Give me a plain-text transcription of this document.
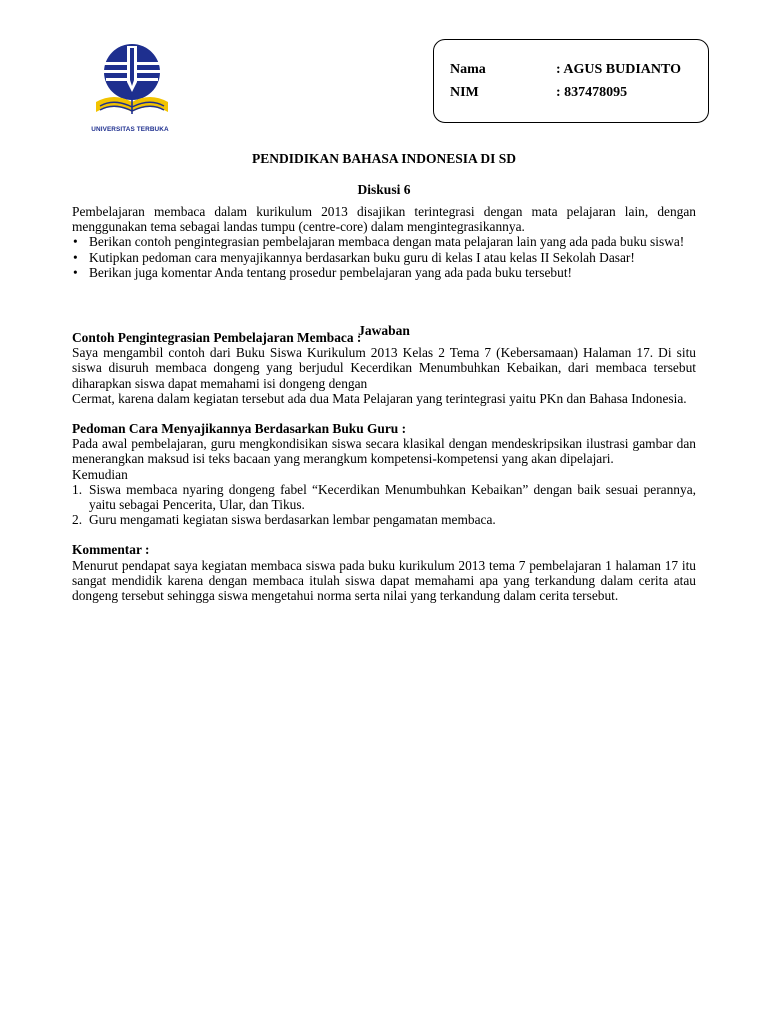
UNIVERSITAS TERBUKA
Nama	: AGUS BUDIANTO
NIM	: 837478095
PENDIDIKAN BAHASA INDONESIA DI SD
Diskusi 6
Jawaban

Pembelajaran membaca dalam kurikulum 2013 disajikan terintegrasi dengan mata pelajaran lain, dengan menggunakan tema sebagai landas tumpu (centre-core) dalam mengintegrasikannya.

• Berikan contoh pengintegrasian pembelajaran membaca dengan mata pelajaran lain yang ada pada buku siswa!
• Kutipkan pedoman cara menyajikannya berdasarkan buku guru di kelas I atau kelas II Sekolah Dasar!
• Berikan juga komentar Anda tentang prosedur pembelajaran yang ada pada buku tersebut!

Contoh Pengintegrasian Pembelajaran Membaca :

Saya mengambil contoh dari Buku Siswa Kurikulum 2013 Kelas 2 Tema 7 (Kebersamaan) Halaman 17. Di situ siswa disuruh membaca dongeng yang berjudul Kecerdikan Menumbuhkan Kebaikan, dari membaca tersebut diharapkan siswa dapat memahami isi dongeng dengan

Cermat, karena dalam kegiatan tersebut ada dua Mata Pelajaran yang terintegrasi yaitu PKn dan Bahasa Indonesia.

Pedoman Cara Menyajikannya Berdasarkan Buku Guru :

Pada awal pembelajaran, guru mengkondisikan siswa secara klasikal dengan mendeskripsikan ilustrasi gambar dan menerangkan maksud isi teks bacaan yang merangkum kompetensi-kompetensi yang akan dipelajari.

Kemudian

1. Siswa membaca nyaring dongeng fabel “Kecerdikan Menumbuhkan Kebaikan” dengan baik sesuai perannya, yaitu sebagai Pencerita, Ular, dan Tikus.
2. Guru mengamati kegiatan siswa berdasarkan lembar pengamatan membaca.

Kommentar :

Menurut pendapat saya kegiatan membaca siswa pada buku kurikulum 2013 tema 7 pembelajaran 1 halaman 17 itu sangat mendidik karena dengan membaca itulah siswa dapat memahami apa yang terkandung dalam cerita atau dongeng tersebut sehingga siswa mengetahui norma serta nilai yang terkandung dalam cerita tersebut.
